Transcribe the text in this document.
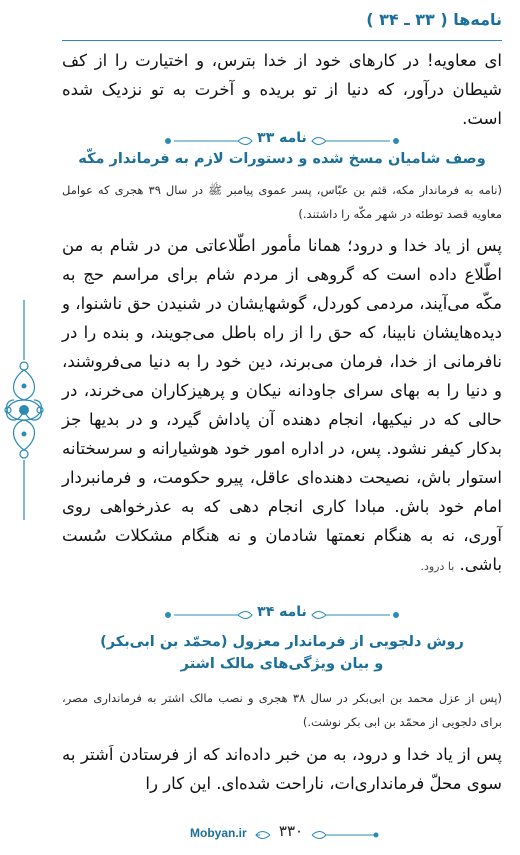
نامه‌ها ( ۳۳ ـ ۳۴ )

ای معاویه! در کارهای خود از خدا بترس، و اختیارت را از کف شیطان درآور، که دنیا از تو بریده و آخرت به تو نزدیک شده است.

نامه ۳۳
وصف شامیان مسخ شده و دستورات لازم به فرماندار مکّه

(نامه به فرماندار مکه، قثم بن عبّاس، پسر عموی پیامبر ﷺ در سال ۳۹ هجری که عوامل معاویه قصد توطئه در شهر مکّه را داشتند.)

پس از یاد خدا و درود؛ همانا مأمور اطّلاعاتی من در شام به من اطّلاع داده است که گروهی از مردم شام برای مراسم حج به مکّه می‌آیند، مردمی کوردل، گوشهایشان در شنیدن حق ناشنوا، و دیده‌هایشان نابینا، که حق را از راه باطل می‌جویند، و بنده را در نافرمانی از خدا، فرمان می‌برند، دین خود را به دنیا می‌فروشند، و دنیا را به بهای سرای جاودانه نیکان و پرهیزکاران می‌خرند، در حالی که در نیکیها، انجام دهنده آن پاداش گیرد، و در بدیها جز بدکار کیفر نشود. پس، در اداره امور خود هوشیارانه و سرسختانه استوار باش، نصیحت دهنده‌ای عاقل، پیرو حکومت، و فرمانبردار امام خود باش. مبادا کاری انجام دهی که به عذرخواهی روی آوری، نه به هنگام نعمتها شادمان و نه هنگام مشکلات سُست باشی. با درود.

نامه ۳۴
روش دلجویی از فرماندار معزول (محمّد بن ابی‌بکر)
و بیان ویژگی‌های مالک اشتر

(پس از عزل محمد بن ابی‌بکر در سال ۳۸ هجری و نصب مالک اشتر به فرمانداری مصر، برای دلجویی از محمّد بن ابی بکر نوشت.)

پس از یاد خدا و درود، به من خبر داده‌اند که از فرستادن اَشتر به سوی محلّ فرمانداری‌ات، ناراحت شده‌ای. این کار را

Mobyan.ir	۳۳۰
